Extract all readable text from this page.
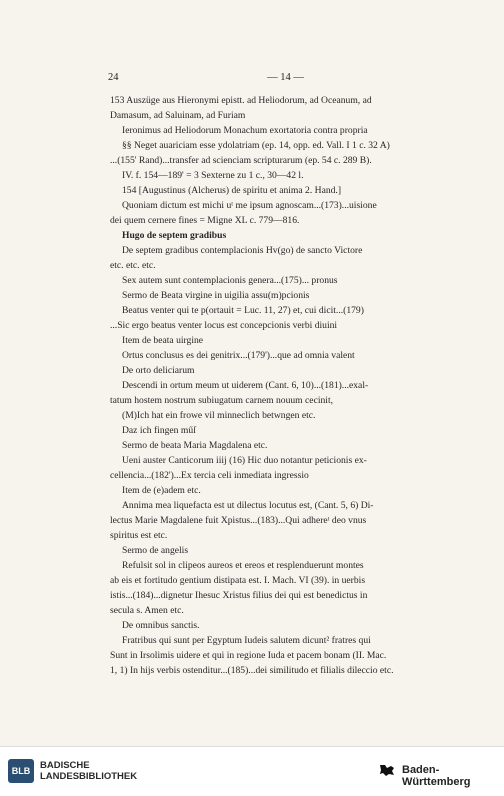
24	— 14 —
153 Auszüge aus Hieronymi epistt. ad Heliodorum, ad Oceanum, ad
Damasum, ad Saluinam, ad Furiam
Ieronimus ad Heliodorum Monachum exortatoria contra propria
§§ Neget auariciam esse ydolatriam (ep. 14, opp. ed. Vall. I 1 c. 32 A)
...(155' Rand)...transfer ad scienciam scripturarum (ep. 54 c. 289 B).
IV. f. 154—189' = 3 Sexterne zu 1 c., 30—42 l.
154 [Augustinus (Alcherus) de spiritu et anima 2. Hand.]
Quoniam dictum est michi uᵗ me ipsum agnoscam...(173)...uisione
dei quem cernere fines = Migne XL c. 779—816.
Hugo de septem gradibus
De septem gradibus contemplacionis Hv(go) de sancto Victore
etc. etc. etc.
Sex autem sunt contemplacionis genera...(175)... pronus
Sermo de Beata virgine in uigilia assu(m)pcionis
Beatus venter qui te p(ortauit = Luc. 11, 27) et, cui dicit...(179)
...Sic ergo beatus venter locus est concepcionis verbi diuini
Item de beata uirgine
Ortus conclusus es dei genitrix...(179')...que ad omnia valent
De orto deliciarum
Descendi in ortum meum ut uiderem (Cant. 6, 10)...(181)...exal-
tatum hostem nostrum subiugatum carnem nouum cecinit,
(M)Ich hat ein frowe vil minneclich betwngen etc.
Daz ich fingen műſ
Sermo de beata Maria Magdalena etc.
Ueni auster Canticorum iiij (16) Hic duo notantur peticionis ex-
cellencia...(182')...Ex tercia celi inmediata ingressio
Item de (e)adem etc.
Annima mea liquefacta est ut dilectus locutus est, (Cant. 5, 6) Di-
lectus Marie Magdalene fuit Xpistus...(183)...Qui adhereᵗ deo vnus
spiritus est etc.
Sermo de angelis
Refulsit sol in clipeos aureos et ereos et resplenduerunt montes
ab eis et fortitudo gentium distipata est. I. Mach. VI (39). in uerbis
istis...(184)...dignetur Ihesuc Xristus filius dei qui est benedictus in
secula s. Amen etc.
De omnibus sanctis.
Fratribus qui sunt per Egyptum Iudeis salutem dicunt² fratres qui
Sunt in Irsolimis uidere et qui in regione Iuda et pacem bonam (II. Mac.
1, 1) In hijs verbis ostenditur...(185)...dei similitudo et filialis dileccio etc.
BLB	BADISCHE
LANDESBIBLIOTHEK
Baden-Württemberg
